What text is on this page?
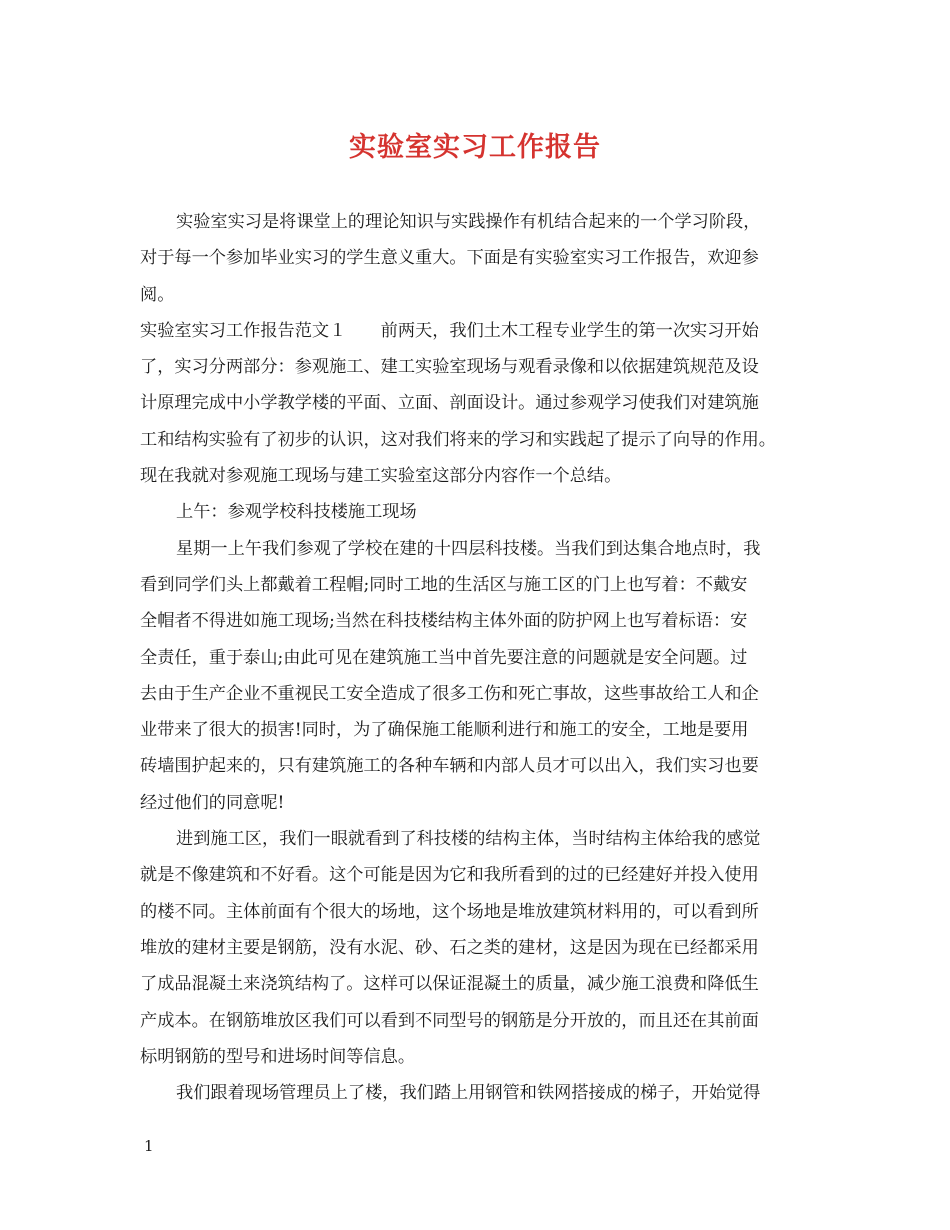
实验室实习工作报告
实验室实习是将课堂上的理论知识与实践操作有机结合起来的一个学习阶段，
对于每一个参加毕业实习的学生意义重大。下面是有实验室实习工作报告，欢迎参
阅。
实验室实习工作报告范文１　　前两天，我们土木工程专业学生的第一次实习开始
了，实习分两部分：参观施工、建工实验室现场与观看录像和以依据建筑规范及设
计原理完成中小学教学楼的平面、立面、剖面设计。通过参观学习使我们对建筑施
工和结构实验有了初步的认识，这对我们将来的学习和实践起了提示了向导的作用。
现在我就对参观施工现场与建工实验室这部分内容作一个总结。
上午：参观学校科技楼施工现场
星期一上午我们参观了学校在建的十四层科技楼。当我们到达集合地点时，我
看到同学们头上都戴着工程帽;同时工地的生活区与施工区的门上也写着：不戴安
全帽者不得进如施工现场;当然在科技楼结构主体外面的防护网上也写着标语：安
全责任，重于泰山;由此可见在建筑施工当中首先要注意的问题就是安全问题。过
去由于生产企业不重视民工安全造成了很多工伤和死亡事故，这些事故给工人和企
业带来了很大的损害!同时，为了确保施工能顺利进行和施工的安全，工地是要用
砖墙围护起来的，只有建筑施工的各种车辆和内部人员才可以出入，我们实习也要
经过他们的同意呢!
进到施工区，我们一眼就看到了科技楼的结构主体，当时结构主体给我的感觉
就是不像建筑和不好看。这个可能是因为它和我所看到的过的已经建好并投入使用
的楼不同。主体前面有个很大的场地，这个场地是堆放建筑材料用的，可以看到所
堆放的建材主要是钢筋，没有水泥、砂、石之类的建材，这是因为现在已经都采用
了成品混凝土来浇筑结构了。这样可以保证混凝土的质量，减少施工浪费和降低生
产成本。在钢筋堆放区我们可以看到不同型号的钢筋是分开放的，而且还在其前面
标明钢筋的型号和进场时间等信息。
我们跟着现场管理员上了楼，我们踏上用钢管和铁网搭接成的梯子，开始觉得
1
